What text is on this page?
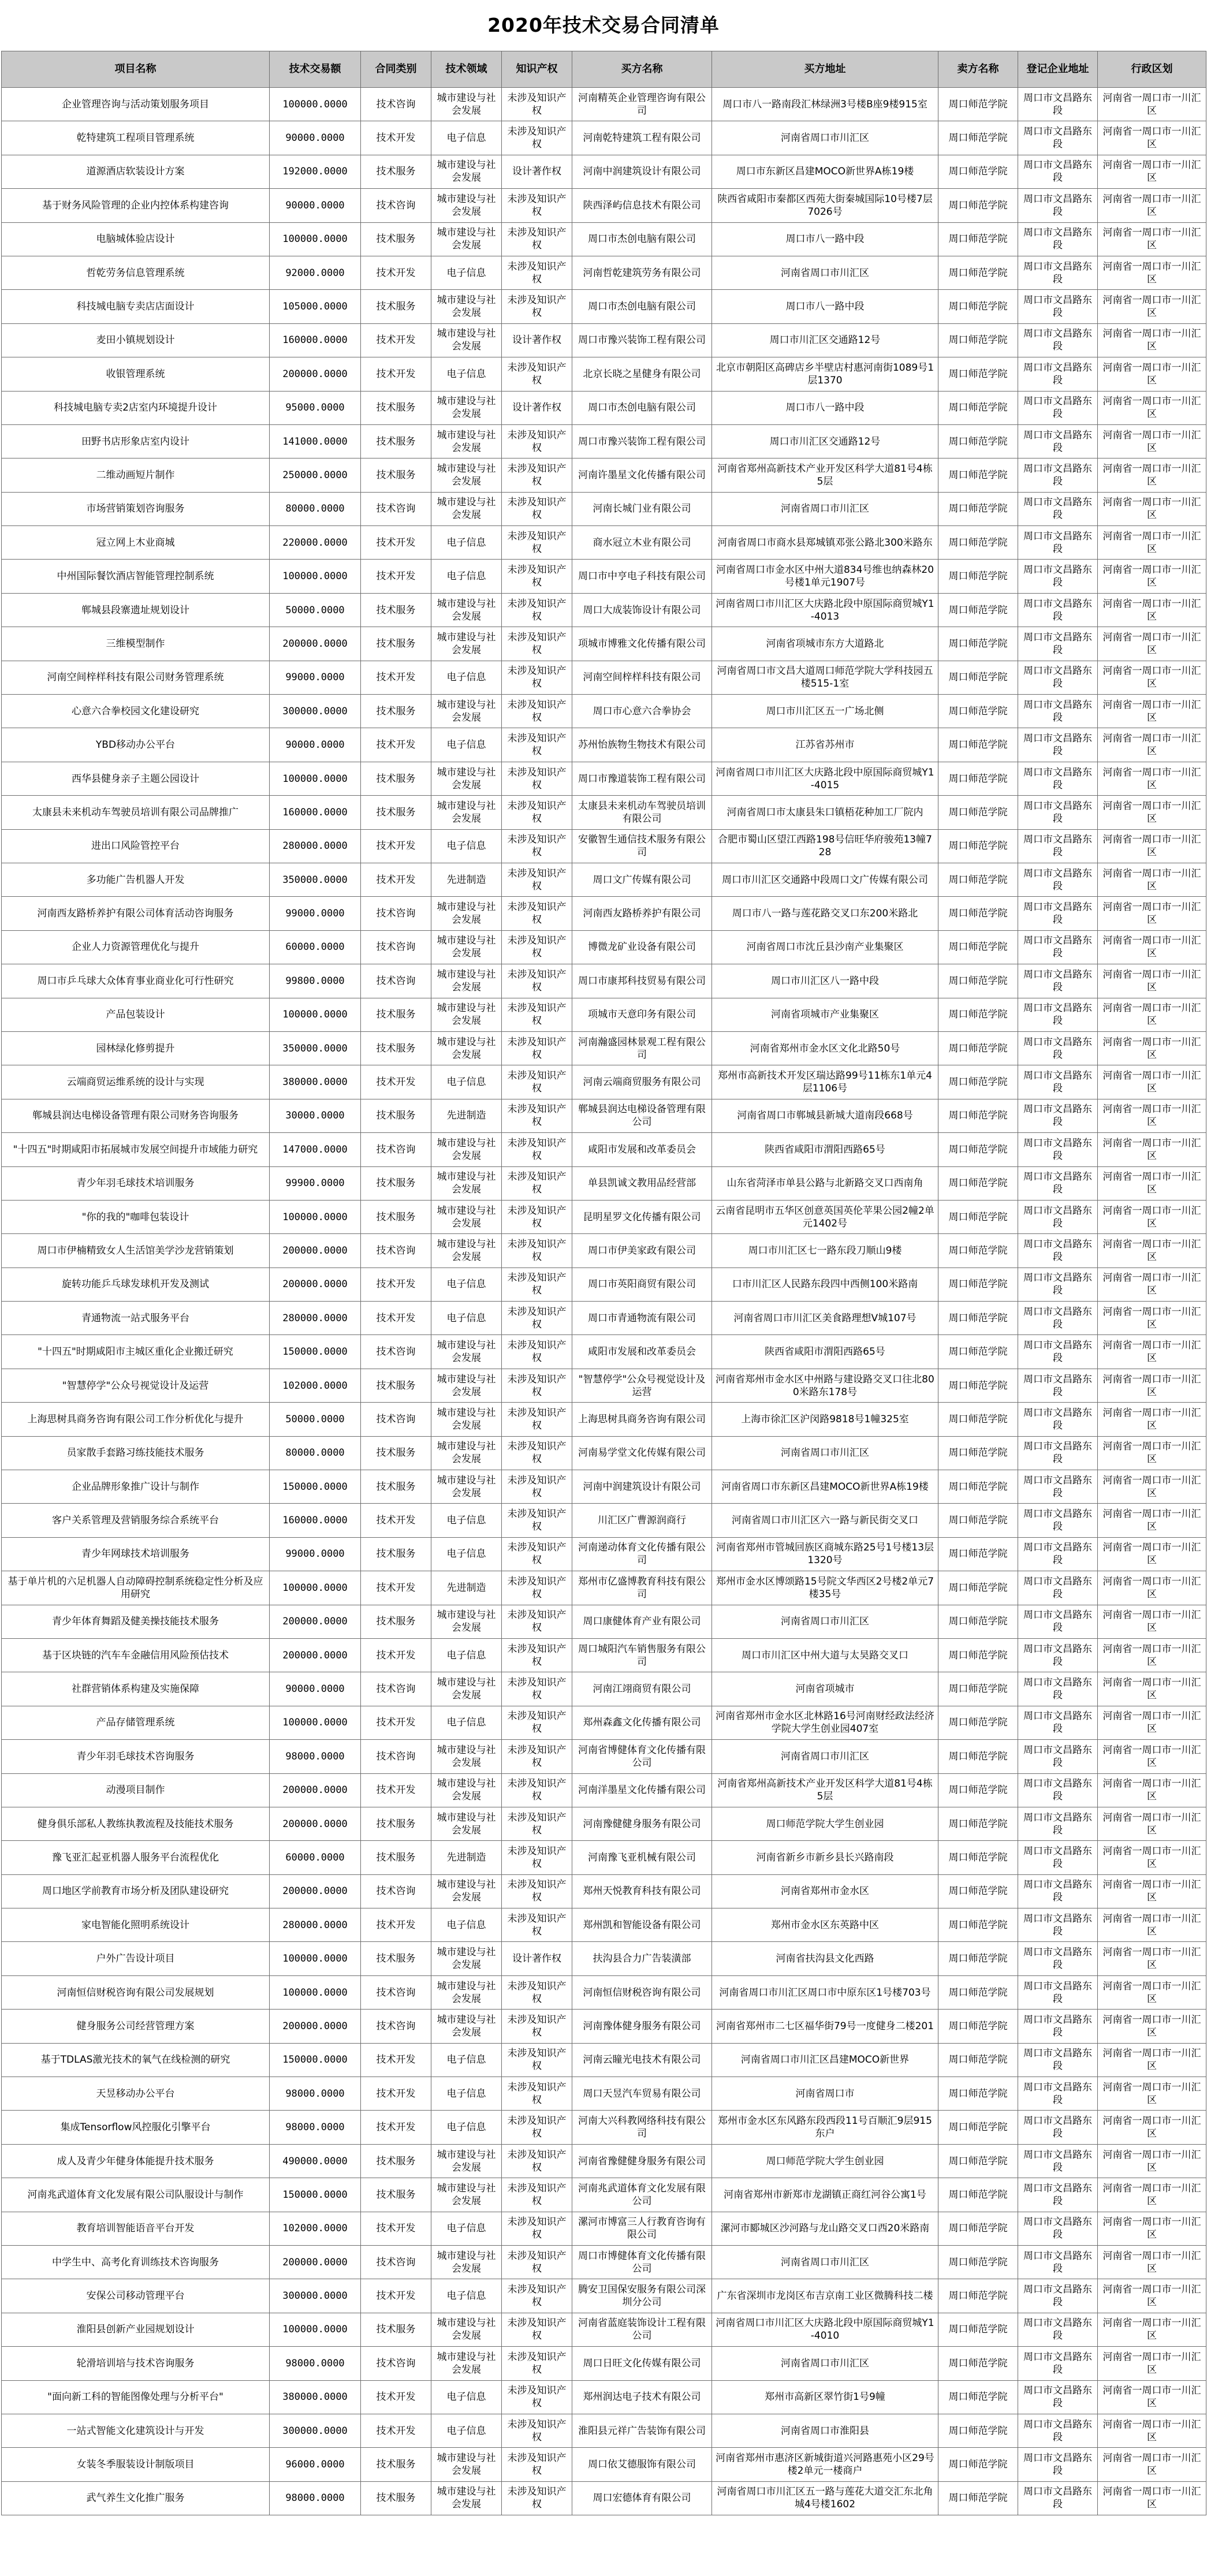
2020年技术交易合同清单
项目名称	技术交易额	合同类别	技术领域	知识产权	买方名称	买方地址	卖方名称	登记企业地址	行政区划
企业管理咨询与活动策划服务项目	100000.0000	技术咨询	城市建设与社会发展	未涉及知识产权	河南精英企业管理咨询有限公司	周口市八一路南段汇林绿洲3号楼B座9楼915室	周口师范学院	周口市文昌路东段	河南省一周口市一川汇区
乾特建筑工程项目管理系统	90000.0000	技术开发	电子信息	未涉及知识产权	河南乾特建筑工程有限公司	河南省周口市川汇区	周口师范学院	周口市文昌路东段	河南省一周口市一川汇区
道源酒店软装设计方案	192000.0000	技术服务	城市建设与社会发展	设计著作权	河南中润建筑设计有限公司	周口市东新区昌建MOCO新世界A栋19楼	周口师范学院	周口市文昌路东段	河南省一周口市一川汇区
基于财务风险管理的企业内控体系构建咨询	90000.0000	技术咨询	城市建设与社会发展	未涉及知识产权	陕西泽屿信息技术有限公司	陕西省咸阳市秦都区西苑大街秦城国际10号楼7层7026号	周口师范学院	周口市文昌路东段	河南省一周口市一川汇区
电脑城体验店设计	100000.0000	技术服务	城市建设与社会发展	未涉及知识产权	周口市杰创电脑有限公司	周口市八一路中段	周口师范学院	周口市文昌路东段	河南省一周口市一川汇区
哲乾劳务信息管理系统	92000.0000	技术开发	电子信息	未涉及知识产权	河南哲乾建筑劳务有限公司	河南省周口市川汇区	周口师范学院	周口市文昌路东段	河南省一周口市一川汇区
科技城电脑专卖店店面设计	105000.0000	技术服务	城市建设与社会发展	未涉及知识产权	周口市杰创电脑有限公司	周口市八一路中段	周口师范学院	周口市文昌路东段	河南省一周口市一川汇区
麦田小镇规划设计	160000.0000	技术开发	城市建设与社会发展	设计著作权	周口市豫兴装饰工程有限公司	周口市川汇区交通路12号	周口师范学院	周口市文昌路东段	河南省一周口市一川汇区
收银管理系统	200000.0000	技术开发	电子信息	未涉及知识产权	北京长晓之星健身有限公司	北京市朝阳区高碑店乡半壁店村惠河南街1089号1层1370	周口师范学院	周口市文昌路东段	河南省一周口市一川汇区
科技城电脑专卖2店室内环境提升设计	95000.0000	技术服务	城市建设与社会发展	设计著作权	周口市杰创电脑有限公司	周口市八一路中段	周口师范学院	周口市文昌路东段	河南省一周口市一川汇区
田野书店形象店室内设计	141000.0000	技术服务	城市建设与社会发展	未涉及知识产权	周口市豫兴装饰工程有限公司	周口市川汇区交通路12号	周口师范学院	周口市文昌路东段	河南省一周口市一川汇区
二维动画短片制作	250000.0000	技术服务	城市建设与社会发展	未涉及知识产权	河南许墨星文化传播有限公司	河南省郑州高新技术产业开发区科学大道81号4栋5层	周口师范学院	周口市文昌路东段	河南省一周口市一川汇区
市场营销策划咨询服务	80000.0000	技术咨询	城市建设与社会发展	未涉及知识产权	河南长城门业有限公司	河南省周口市川汇区	周口师范学院	周口市文昌路东段	河南省一周口市一川汇区
冠立网上木业商城	220000.0000	技术开发	电子信息	未涉及知识产权	商水冠立木业有限公司	河南省周口市商水县郑城镇邓张公路北300米路东	周口师范学院	周口市文昌路东段	河南省一周口市一川汇区
中州国际餐饮酒店智能管理控制系统	100000.0000	技术开发	电子信息	未涉及知识产权	周口市中亨电子科技有限公司	河南省周口市金水区中州大道834号维也纳森林20号楼1单元1907号	周口师范学院	周口市文昌路东段	河南省一周口市一川汇区
郸城县段寨遗址规划设计	50000.0000	技术服务	城市建设与社会发展	未涉及知识产权	周口大成装饰设计有限公司	河南省周口市川汇区大庆路北段中原国际商贸城Y1-4013	周口师范学院	周口市文昌路东段	河南省一周口市一川汇区
三维模型制作	200000.0000	技术服务	城市建设与社会发展	未涉及知识产权	项城市博雅文化传播有限公司	河南省项城市东方大道路北	周口师范学院	周口市文昌路东段	河南省一周口市一川汇区
河南空间梓样科技有限公司财务管理系统	99000.0000	技术开发	电子信息	未涉及知识产权	河南空间梓样科技有限公司	河南省周口市文昌大道周口师范学院大学科技园五楼515-1室	周口师范学院	周口市文昌路东段	河南省一周口市一川汇区
心意六合拳校园文化建设研究	300000.0000	技术服务	城市建设与社会发展	未涉及知识产权	周口市心意六合拳协会	周口市川汇区五一广场北侧	周口师范学院	周口市文昌路东段	河南省一周口市一川汇区
YBD移动办公平台	90000.0000	技术开发	电子信息	未涉及知识产权	苏州怡族物生物技术有限公司	江苏省苏州市	周口师范学院	周口市文昌路东段	河南省一周口市一川汇区
西华县健身亲子主题公园设计	100000.0000	技术服务	城市建设与社会发展	未涉及知识产权	周口市豫道装饰工程有限公司	河南省周口市川汇区大庆路北段中原国际商贸城Y1-4015	周口师范学院	周口市文昌路东段	河南省一周口市一川汇区
太康县未来机动车驾驶员培训有限公司品牌推广	160000.0000	技术服务	城市建设与社会发展	未涉及知识产权	太康县未来机动车驾驶员培训有限公司	河南省周口市太康县朱口镇梧花种加工厂院内	周口师范学院	周口市文昌路东段	河南省一周口市一川汇区
进出口风险管控平台	280000.0000	技术开发	电子信息	未涉及知识产权	安徽智生通信技术服务有限公司	合肥市蜀山区望江西路198号信旺华府骏苑13幢728	周口师范学院	周口市文昌路东段	河南省一周口市一川汇区
多功能广告机器人开发	350000.0000	技术开发	先进制造	未涉及知识产权	周口文广传媒有限公司	周口市川汇区交通路中段周口文广传媒有限公司	周口师范学院	周口市文昌路东段	河南省一周口市一川汇区
河南西友路桥养护有限公司体育活动咨询服务	99000.0000	技术咨询	城市建设与社会发展	未涉及知识产权	河南西友路桥养护有限公司	周口市八一路与莲花路交叉口东200米路北	周口师范学院	周口市文昌路东段	河南省一周口市一川汇区
企业人力资源管理优化与提升	60000.0000	技术咨询	城市建设与社会发展	未涉及知识产权	博微龙矿业设备有限公司	河南省周口市沈丘县沙南产业集聚区	周口师范学院	周口市文昌路东段	河南省一周口市一川汇区
周口市乒乓球大众体育事业商业化可行性研究	99800.0000	技术咨询	城市建设与社会发展	未涉及知识产权	周口市康邦科技贸易有限公司	周口市川汇区八一路中段	周口师范学院	周口市文昌路东段	河南省一周口市一川汇区
产品包装设计	100000.0000	技术服务	城市建设与社会发展	未涉及知识产权	项城市天意印务有限公司	河南省项城市产业集聚区	周口师范学院	周口市文昌路东段	河南省一周口市一川汇区
园林绿化修剪提升	350000.0000	技术服务	城市建设与社会发展	未涉及知识产权	河南瀚盛园林景观工程有限公司	河南省郑州市金水区文化北路50号	周口师范学院	周口市文昌路东段	河南省一周口市一川汇区
云端商贸运维系统的设计与实现	380000.0000	技术开发	电子信息	未涉及知识产权	河南云端商贸服务有限公司	郑州市高新技术开发区瑞达路99号11栋东1单元4层1106号	周口师范学院	周口市文昌路东段	河南省一周口市一川汇区
郸城县润达电梯设备管理有限公司财务咨询服务	30000.0000	技术服务	先进制造	未涉及知识产权	郸城县润达电梯设备管理有限公司	河南省周口市郸城县新城大道南段668号	周口师范学院	周口市文昌路东段	河南省一周口市一川汇区
"十四五"时期咸阳市拓展城市发展空间提升市域能力研究	147000.0000	技术咨询	城市建设与社会发展	未涉及知识产权	咸阳市发展和改革委员会	陕西省咸阳市渭阳西路65号	周口师范学院	周口市文昌路东段	河南省一周口市一川汇区
青少年羽毛球技术培训服务	99900.0000	技术服务	城市建设与社会发展	未涉及知识产权	单县凯诚文教用品经营部	山东省菏泽市单县公路与北新路交叉口西南角	周口师范学院	周口市文昌路东段	河南省一周口市一川汇区
"你的我的"咖啡包装设计	100000.0000	技术服务	城市建设与社会发展	未涉及知识产权	昆明星罗文化传播有限公司	云南省昆明市五华区创意英国英伦苹果公园2幢2单元1402号	周口师范学院	周口市文昌路东段	河南省一周口市一川汇区
周口市伊楠精致女人生活馆美学沙龙营销策划	200000.0000	技术咨询	城市建设与社会发展	未涉及知识产权	周口市伊美家政有限公司	周口市川汇区七一路东段刀顺山9楼	周口师范学院	周口市文昌路东段	河南省一周口市一川汇区
旋转功能乒乓球发球机开发及测试	200000.0000	技术开发	电子信息	未涉及知识产权	周口市英阳商贸有限公司	口市川汇区人民路东段四中西侧100米路南	周口师范学院	周口市文昌路东段	河南省一周口市一川汇区
青通物流一站式服务平台	280000.0000	技术开发	电子信息	未涉及知识产权	周口市青通物流有限公司	河南省周口市川汇区美食路理想V城107号	周口师范学院	周口市文昌路东段	河南省一周口市一川汇区
"十四五"时期咸阳市主城区重化企业搬迁研究	150000.0000	技术咨询	城市建设与社会发展	未涉及知识产权	咸阳市发展和改革委员会	陕西省咸阳市渭阳西路65号	周口师范学院	周口市文昌路东段	河南省一周口市一川汇区
"智慧停学"公众号视觉设计及运营	102000.0000	技术服务	城市建设与社会发展	未涉及知识产权	"智慧停学"公众号视觉设计及运营	河南省郑州市金水区中州路与建设路交叉口往北800米路东178号	周口师范学院	周口市文昌路东段	河南省一周口市一川汇区
上海思树具商务咨询有限公司工作分析优化与提升	50000.0000	技术咨询	城市建设与社会发展	未涉及知识产权	上海思树具商务咨询有限公司	上海市徐汇区沪闵路9818号1幢325室	周口师范学院	周口市文昌路东段	河南省一周口市一川汇区
员家散手套路习练技能技术服务	80000.0000	技术服务	城市建设与社会发展	未涉及知识产权	河南易学堂文化传媒有限公司	河南省周口市川汇区	周口师范学院	周口市文昌路东段	河南省一周口市一川汇区
企业品牌形象推广设计与制作	150000.0000	技术服务	城市建设与社会发展	未涉及知识产权	河南中润建筑设计有限公司	河南省周口市东新区昌建MOCO新世界A栋19楼	周口师范学院	周口市文昌路东段	河南省一周口市一川汇区
客户关系管理及营销服务综合系统平台	160000.0000	技术开发	电子信息	未涉及知识产权	川汇区广曹源润商行	河南省周口市川汇区六一路与新民街交叉口	周口师范学院	周口市文昌路东段	河南省一周口市一川汇区
青少年网球技术培训服务	99000.0000	技术服务	电子信息	未涉及知识产权	河南递动体育文化传播有限公司	河南省郑州市管城回族区商城东路25号1号楼13层1320号	周口师范学院	周口市文昌路东段	河南省一周口市一川汇区
基于单片机的六足机器人自动障碍控制系统稳定性分析及应用研究	100000.0000	技术开发	先进制造	未涉及知识产权	郑州市亿盛博教育科技有限公司	郑州市金水区博颂路15号院文华西区2号楼2单元7楼35号	周口师范学院	周口市文昌路东段	河南省一周口市一川汇区
青少年体育舞蹈及健美操技能技术服务	200000.0000	技术服务	城市建设与社会发展	未涉及知识产权	周口康健体育产业有限公司	河南省周口市川汇区	周口师范学院	周口市文昌路东段	河南省一周口市一川汇区
基于区块链的汽车车金融信用风险预估技术	200000.0000	技术开发	电子信息	未涉及知识产权	周口城阳汽车销售服务有限公司	周口市川汇区中州大道与太昊路交叉口	周口师范学院	周口市文昌路东段	河南省一周口市一川汇区
社群营销体系构建及实施保障	90000.0000	技术咨询	城市建设与社会发展	未涉及知识产权	河南江翊商贸有限公司	河南省项城市	周口师范学院	周口市文昌路东段	河南省一周口市一川汇区
产品存储管理系统	100000.0000	技术开发	电子信息	未涉及知识产权	郑州森鑫文化传播有限公司	河南省郑州市金水区北林路16号河南财经政法经济学院大学生创业园407室	周口师范学院	周口市文昌路东段	河南省一周口市一川汇区
青少年羽毛球技术咨询服务	98000.0000	技术咨询	城市建设与社会发展	未涉及知识产权	河南省博健体育文化传播有限公司	河南省周口市川汇区	周口师范学院	周口市文昌路东段	河南省一周口市一川汇区
动漫项目制作	200000.0000	技术开发	城市建设与社会发展	未涉及知识产权	河南洋墨星文化传播有限公司	河南省郑州高新技术产业开发区科学大道81号4栋5层	周口师范学院	周口市文昌路东段	河南省一周口市一川汇区
健身俱乐部私人教练执教流程及技能技术服务	200000.0000	技术服务	城市建设与社会发展	未涉及知识产权	河南豫健健身服务有限公司	周口师范学院大学生创业园	周口师范学院	周口市文昌路东段	河南省一周口市一川汇区
豫飞亚汇起亚机器人服务平台流程优化	60000.0000	技术服务	先进制造	未涉及知识产权	河南豫飞亚机械有限公司	河南省新乡市新乡县长兴路南段	周口师范学院	周口市文昌路东段	河南省一周口市一川汇区
周口地区学前教育市场分析及团队建设研究	200000.0000	技术咨询	城市建设与社会发展	未涉及知识产权	郑州天悦教育科技有限公司	河南省郑州市金水区	周口师范学院	周口市文昌路东段	河南省一周口市一川汇区
家电智能化照明系统设计	280000.0000	技术开发	电子信息	未涉及知识产权	郑州凯和智能设备有限公司	郑州市金水区东英路中区	周口师范学院	周口市文昌路东段	河南省一周口市一川汇区
户外广告设计项目	100000.0000	技术服务	城市建设与社会发展	设计著作权	扶沟县合力广告装潢部	河南省扶沟县文化西路	周口师范学院	周口市文昌路东段	河南省一周口市一川汇区
河南恒信财税咨询有限公司发展规划	100000.0000	技术咨询	城市建设与社会发展	未涉及知识产权	河南恒信财税咨询有限公司	河南省周口市川汇区周口市中原东区1号楼703号	周口师范学院	周口市文昌路东段	河南省一周口市一川汇区
健身服务公司经营管理方案	200000.0000	技术咨询	城市建设与社会发展	未涉及知识产权	河南豫体健身服务有限公司	河南省郑州市二七区福华街79号一度健身二楼201	周口师范学院	周口市文昌路东段	河南省一周口市一川汇区
基于TDLAS激光技术的氧气在线检测的研究	150000.0000	技术开发	电子信息	未涉及知识产权	河南云瞳光电技术有限公司	河南省周口市川汇区昌建MOCO新世界	周口师范学院	周口市文昌路东段	河南省一周口市一川汇区
天昱移动办公平台	98000.0000	技术开发	电子信息	未涉及知识产权	周口天昱汽车贸易有限公司	河南省周口市	周口师范学院	周口市文昌路东段	河南省一周口市一川汇区
集成Tensorflow风控服化引擎平台	98000.0000	技术开发	电子信息	未涉及知识产权	河南大兴科教网络科技有限公司	郑州市金水区东风路东段西段11号百顺汇9层915东户	周口师范学院	周口市文昌路东段	河南省一周口市一川汇区
成人及青少年健身体能提升技术服务	490000.0000	技术服务	城市建设与社会发展	未涉及知识产权	河南省豫健健身服务有限公司	周口师范学院大学生创业园	周口师范学院	周口市文昌路东段	河南省一周口市一川汇区
河南兆武道体育文化发展有限公司队服设计与制作	150000.0000	技术服务	城市建设与社会发展	未涉及知识产权	河南兆武道体育文化发展有限公司	河南省郑州市新郑市龙湖镇正商红河谷公寓1号	周口师范学院	周口市文昌路东段	河南省一周口市一川汇区
教育培训智能语音平台开发	102000.0000	技术开发	电子信息	未涉及知识产权	漯河市博富三人行教育咨询有限公司	漯河市郾城区沙河路与龙山路交叉口西20米路南	周口师范学院	周口市文昌路东段	河南省一周口市一川汇区
中学生中、高考化育训练技术咨询服务	200000.0000	技术咨询	城市建设与社会发展	未涉及知识产权	周口市博健体育文化传播有限公司	河南省周口市川汇区	周口师范学院	周口市文昌路东段	河南省一周口市一川汇区
安保公司移动管理平台	300000.0000	技术开发	电子信息	未涉及知识产权	腾安卫国保安服务有限公司深圳分公司	广东省深圳市龙岗区布吉京南工业区微腾科技二楼	周口师范学院	周口市文昌路东段	河南省一周口市一川汇区
淮阳县创新产业园规划设计	100000.0000	技术服务	城市建设与社会发展	未涉及知识产权	河南省蓝庭装饰设计工程有限公司	河南省周口市川汇区大庆路北段中原国际商贸城Y1-4010	周口师范学院	周口市文昌路东段	河南省一周口市一川汇区
轮滑培训培与技术咨询服务	98000.0000	技术咨询	城市建设与社会发展	未涉及知识产权	周口日旺文化传媒有限公司	河南省周口市川汇区	周口师范学院	周口市文昌路东段	河南省一周口市一川汇区
"面向新工科的智能图像处理与分析平台"	380000.0000	技术开发	电子信息	未涉及知识产权	郑州润达电子技术有限公司	郑州市高新区翠竹街1号9幢	周口师范学院	周口市文昌路东段	河南省一周口市一川汇区
一站式智能文化建筑设计与开发	300000.0000	技术开发	电子信息	未涉及知识产权	淮阳县元祥广告装饰有限公司	河南省周口市淮阳县	周口师范学院	周口市文昌路东段	河南省一周口市一川汇区
女装冬季服装设计制版项目	96000.0000	技术服务	城市建设与社会发展	未涉及知识产权	周口依艾德服饰有限公司	河南省郑州市惠济区新城街道兴河路惠苑小区29号楼2单元一楼商户	周口师范学院	周口市文昌路东段	河南省一周口市一川汇区
武气养生文化推广服务	98000.0000	技术服务	城市建设与社会发展	未涉及知识产权	周口宏德体育有限公司	河南省周口市川汇区五一路与莲花大道交汇东北角城4号楼1602	周口师范学院	周口市文昌路东段	河南省一周口市一川汇区
